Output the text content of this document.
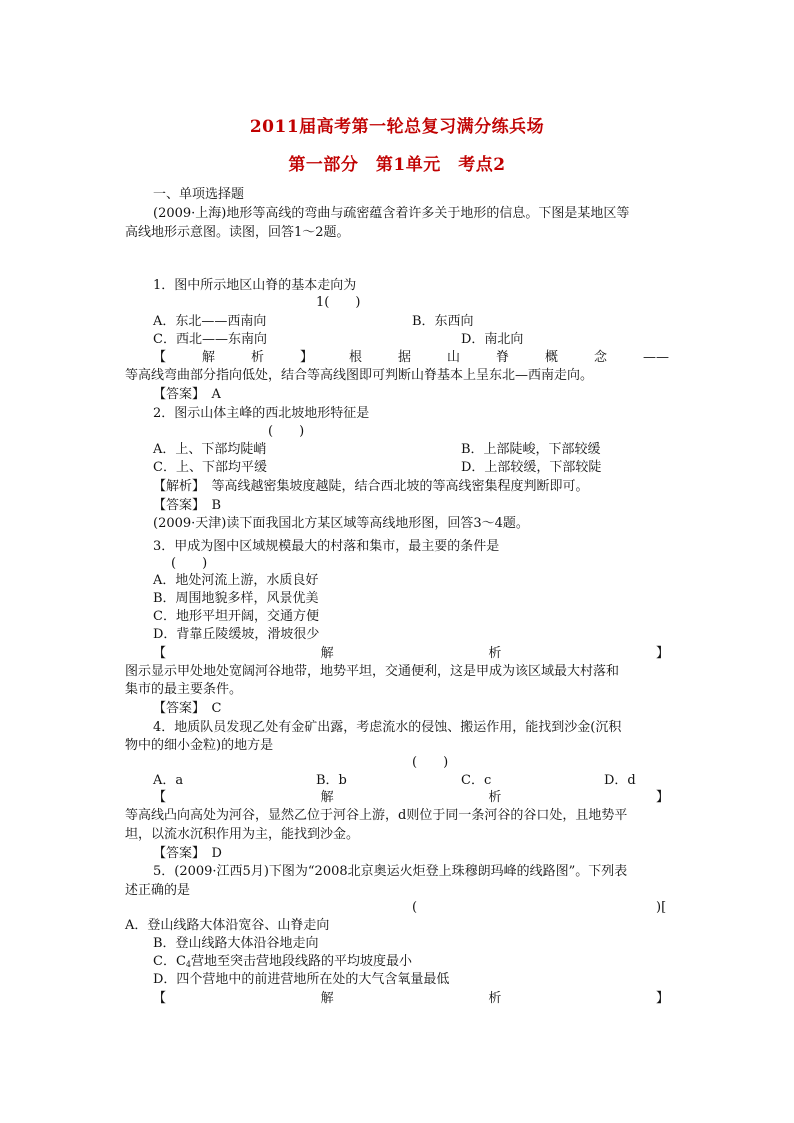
2011届高考第一轮总复习满分练兵场
第一部分　第1单元　考点2
一、单项选择题
(2009·上海)地形等高线的弯曲与疏密蕴含着许多关于地形的信息。下图是某地区等
高线地形示意图。读图，回答1～2题。
1．图中所示地区山脊的基本走向为
1(　　)
A．东北——西南向	B．东西向
C．西北——东南向	D．南北向
【	解	析	】	根	据	山	脊	概	念	——
等高线弯曲部分指向低处，结合等高线图即可判断山脊基本上呈东北—西南走向。
【答案】　A
2．图示山体主峰的西北坡地形特征是
(　　)
A．上、下部均陡峭	B．上部陡峻，下部较缓
C．上、下部均平缓	D．上部较缓，下部较陡
【解析】　等高线越密集坡度越陡，结合西北坡的等高线密集程度判断即可。
【答案】　B
(2009·天津)读下面我国北方某区域等高线地形图，回答3～4题。
3．甲成为图中区域规模最大的村落和集市，最主要的条件是
(　　)
A．地处河流上游，水质良好
B．周围地貌多样，风景优美
C．地形平坦开阔，交通方便
D．背靠丘陵缓坡，滑坡很少
【	解	析	】
图示显示甲处地处宽阔河谷地带，地势平坦，交通便利，这是甲成为该区域最大村落和
集市的最主要条件。
【答案】　C
4．地质队员发现乙处有金矿出露，考虑流水的侵蚀、搬运作用，能找到沙金(沉积
物中的细小金粒)的地方是
(　　)
A．a	B．b	C．c	D．d
【	解	析	】
等高线凸向高处为河谷，显然乙位于河谷上游，d则位于同一条河谷的谷口处，且地势平
坦，以流水沉积作用为主，能找到沙金。
【答案】　D
5．(2009·江西5月)下图为“2008北京奥运火炬登上珠穆朗玛峰的线路图”。下列表
述正确的是
(	)[
A．登山线路大体沿宽谷、山脊走向
B．登山线路大体沿谷地走向
C．$C_4$营地至突击营地段线路的平均坡度最小
D．四个营地中的前进营地所在处的大气含氧量最低
【	解	析	】
